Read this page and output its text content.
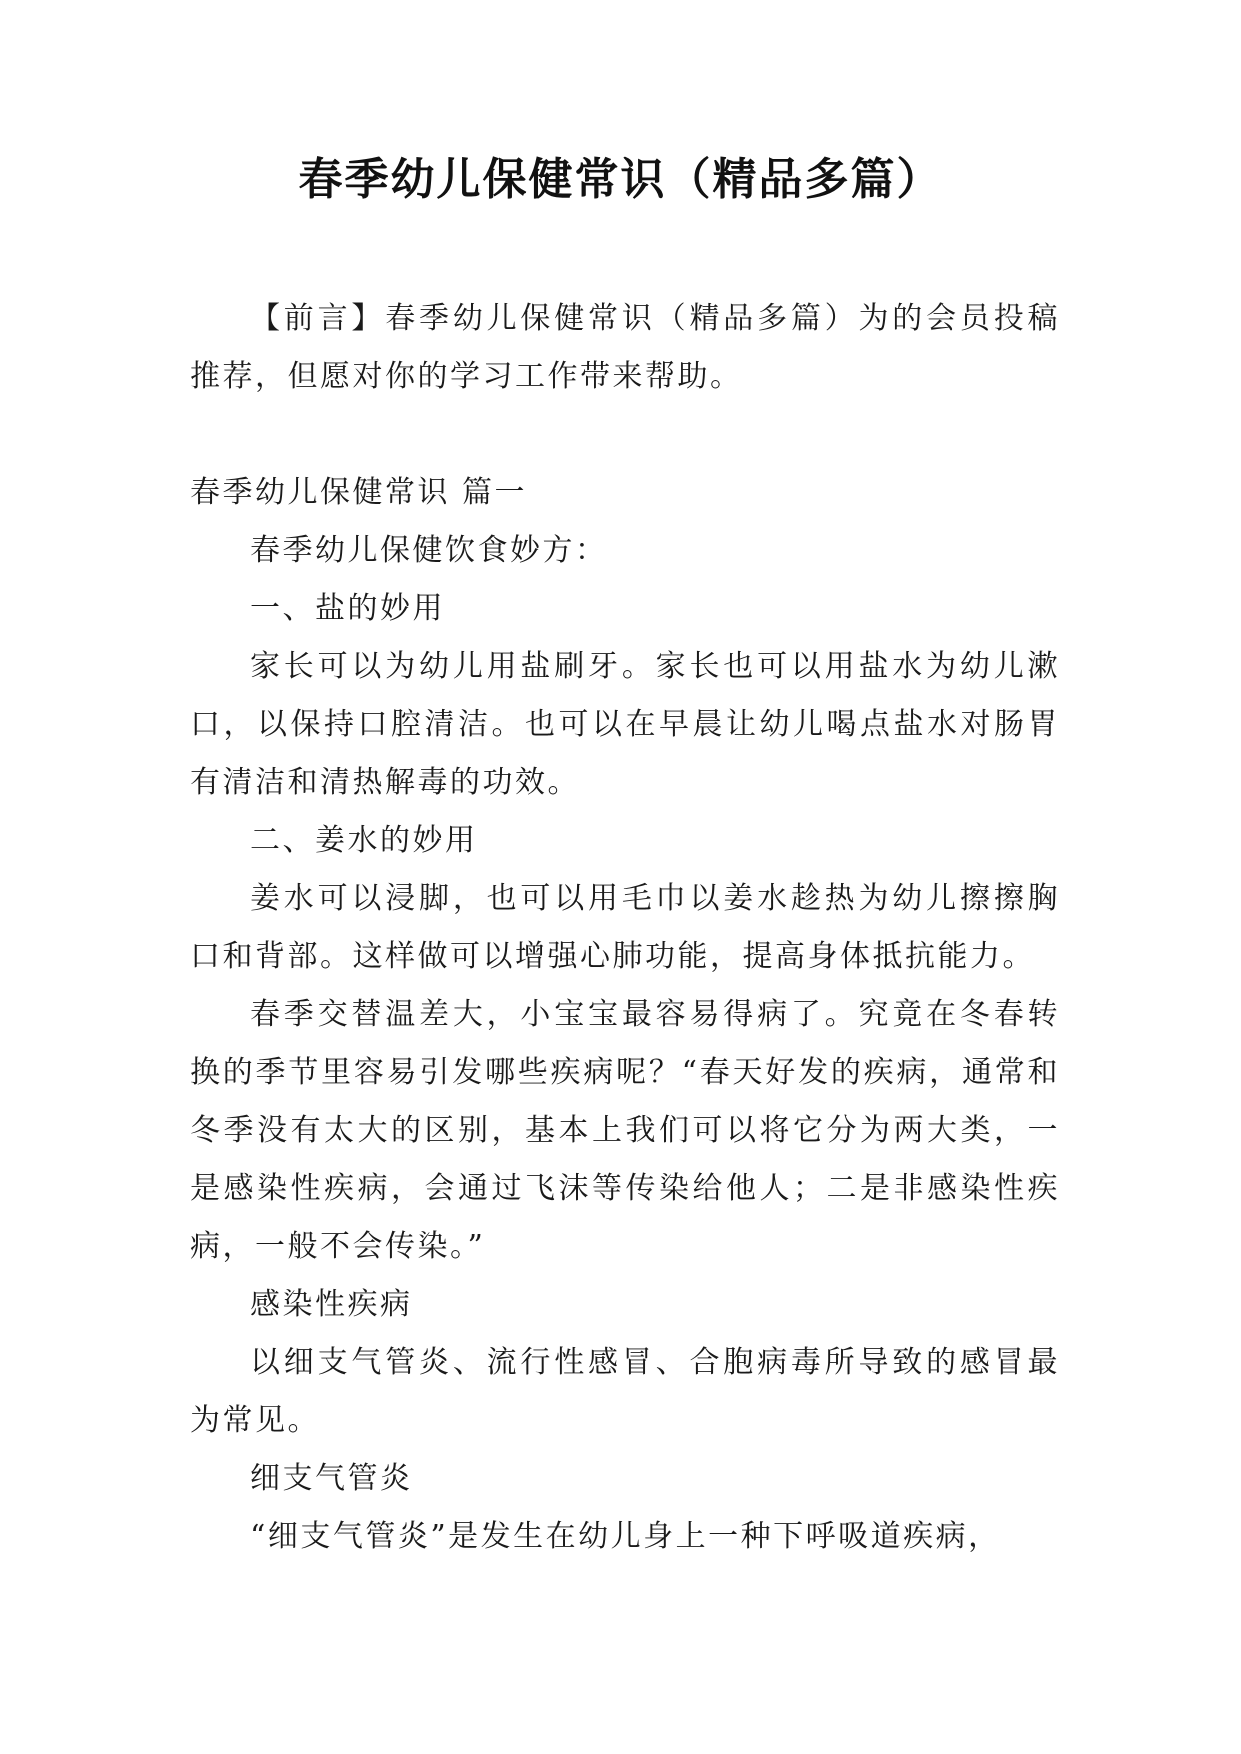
春季幼儿保健常识（精品多篇）

【前言】春季幼儿保健常识（精品多篇）为的会员投稿推荐，但愿对你的学习工作带来帮助。

春季幼儿保健常识 篇一

春季幼儿保健饮食妙方：

一、盐的妙用

家长可以为幼儿用盐刷牙。家长也可以用盐水为幼儿漱口，以保持口腔清洁。也可以在早晨让幼儿喝点盐水对肠胃有清洁和清热解毒的功效。

二、姜水的妙用

姜水可以浸脚，也可以用毛巾以姜水趁热为幼儿擦擦胸口和背部。这样做可以增强心肺功能，提高身体抵抗能力。

春季交替温差大，小宝宝最容易得病了。究竟在冬春转换的季节里容易引发哪些疾病呢？“春天好发的疾病，通常和冬季没有太大的区别，基本上我们可以将它分为两大类，一是感染性疾病，会通过飞沫等传染给他人；二是非感染性疾病，一般不会传染。”

感染性疾病

以细支气管炎、流行性感冒、合胞病毒所导致的感冒最为常见。

细支气管炎

“细支气管炎”是发生在幼儿身上一种下呼吸道疾病，
